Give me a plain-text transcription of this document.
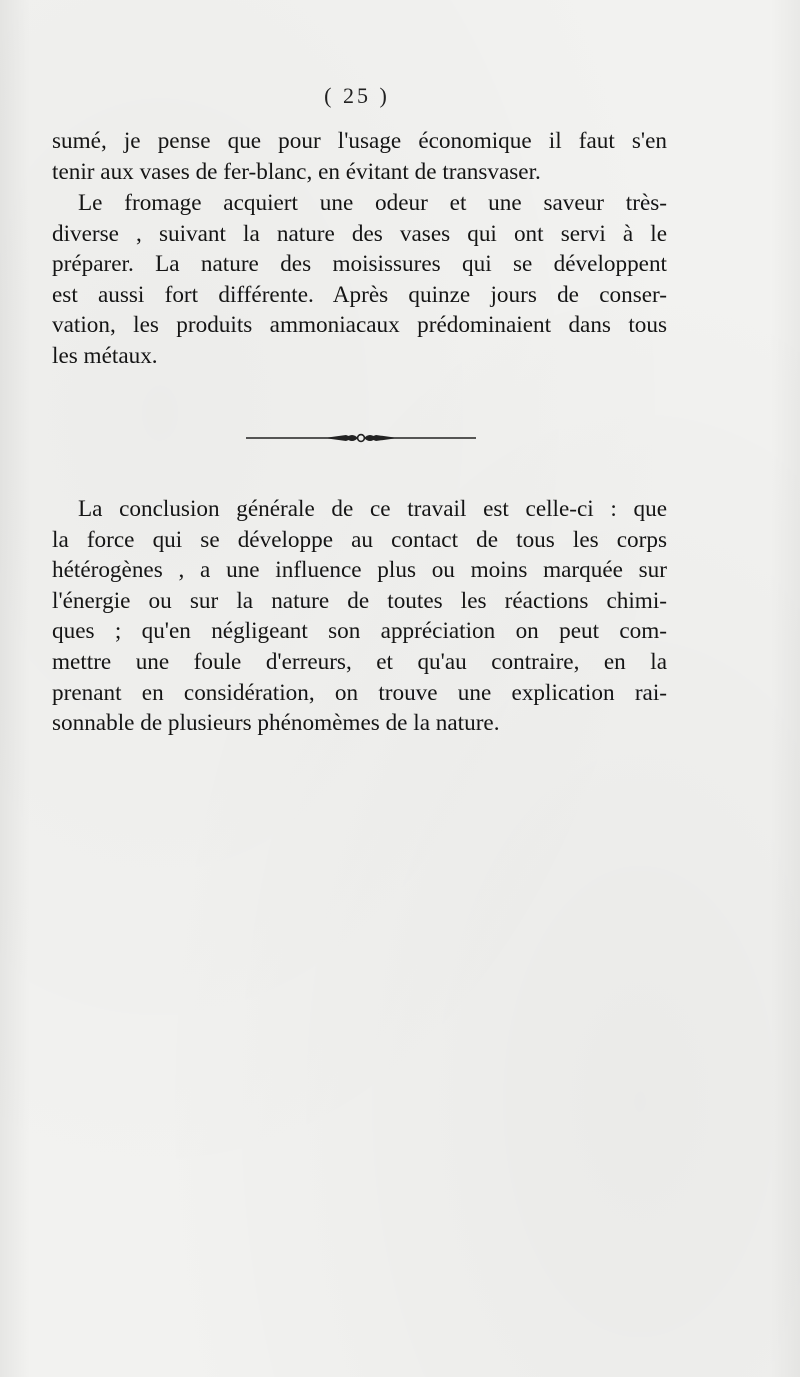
( 25 )
sumé, je pense que pour l'usage économique il faut s'en
tenir aux vases de fer-blanc, en évitant de transvaser.
Le fromage acquiert une odeur et une saveur très-
diverse , suivant la nature des vases qui ont servi à le
préparer. La nature des moisissures qui se développent
est aussi fort différente. Après quinze jours de conser-
vation, les produits ammoniacaux prédominaient dans tous
les métaux.
La conclusion générale de ce travail est celle-ci : que
la force qui se développe au contact de tous les corps
hétérogènes , a une influence plus ou moins marquée sur
l'énergie ou sur la nature de toutes les réactions chimi-
ques ; qu'en négligeant son appréciation on peut com-
mettre une foule d'erreurs, et qu'au contraire, en la
prenant en considération, on trouve une explication rai-
sonnable de plusieurs phénomèmes de la nature.
